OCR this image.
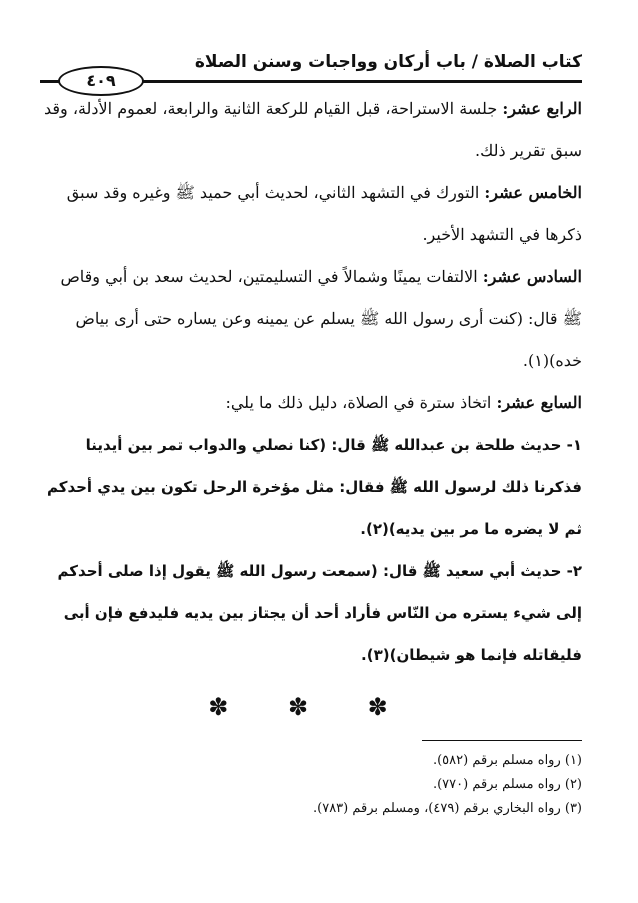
كتاب الصلاة / باب أركان وواجبات وسنن الصلاة
٤٠٩

الرابع عشر: جلسة الاستراحة، قبل القيام للركعة الثانية والرابعة، لعموم الأدلة، وقد سبق تقرير ذلك.

الخامس عشر: التورك في التشهد الثاني، لحديث أبي حميد ﷺ وغيره وقد سبق ذكرها في التشهد الأخير.

السادس عشر: الالتفات يمينًا وشمالاً في التسليمتين، لحديث سعد بن أبي وقاص ﷺ قال: (كنت أرى رسول الله ﷺ يسلم عن يمينه وعن يساره حتى أرى بياض خده)(١).

السابع عشر: اتخاذ سترة في الصلاة، دليل ذلك ما يلي:

١- حديث طلحة بن عبدالله ﷺ قال: (كنا نصلي والدواب تمر بين أيدينا فذكرنا ذلك لرسول الله ﷺ فقال: مثل مؤخرة الرحل تكون بين يدي أحدكم ثم لا يضره ما مر بين يديه)(٢).

٢- حديث أبي سعيد ﷺ قال: (سمعت رسول الله ﷺ يقول إذا صلى أحدكم إلى شيء يستره من النّاس فأراد أحد أن يجتاز بين يديه فليدفع فإن أبى فليقاتله فإنما هو شيطان)(٣).

✽ ✽ ✽

(١) رواه مسلم برقم (٥٨٢).

(٢) رواه مسلم برقم (٧٧٠).

(٣) رواه البخاري برقم (٤٧٩)، ومسلم برقم (٧٨٣).
